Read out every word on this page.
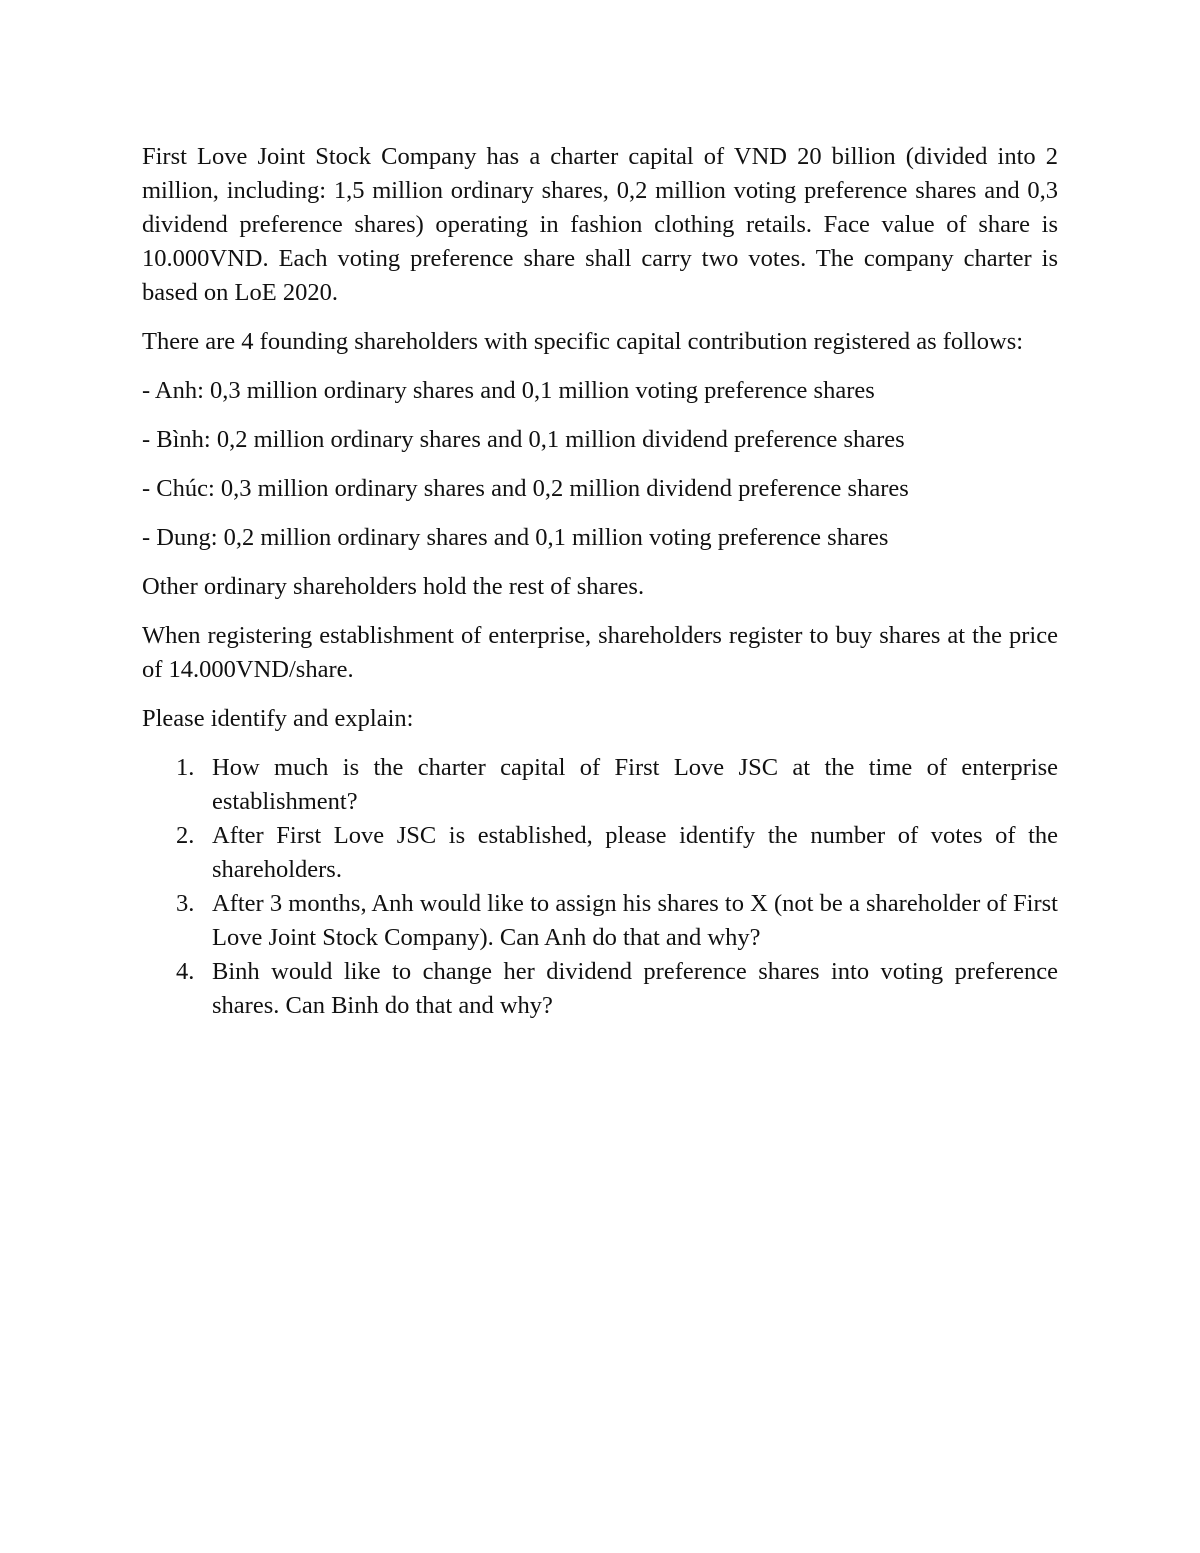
First Love Joint Stock Company has a charter capital of VND 20 billion (divided into 2 million, including: 1,5 million ordinary shares, 0,2 million voting preference shares and 0,3 dividend preference shares) operating in fashion clothing retails. Face value of share is 10.000VND. Each voting preference share shall carry two votes. The company charter is based on LoE 2020.

There are 4 founding shareholders with specific capital contribution registered as follows:

- Anh: 0,3 million ordinary shares and 0,1 million voting preference shares

- Bình: 0,2 million ordinary shares and 0,1 million dividend preference shares

- Chúc: 0,3 million ordinary shares and 0,2 million dividend preference shares

- Dung: 0,2 million ordinary shares and 0,1 million voting preference shares

Other ordinary shareholders hold the rest of shares.

When registering establishment of enterprise, shareholders register to buy shares at the price of 14.000VND/share.

Please identify and explain:

1. How much is the charter capital of First Love JSC at the time of enterprise establishment?
2. After First Love JSC is established, please identify the number of votes of the shareholders.
3. After 3 months, Anh would like to assign his shares to X (not be a shareholder of First Love Joint Stock Company). Can Anh do that and why?
4. Binh would like to change her dividend preference shares into voting preference shares. Can Binh do that and why?
